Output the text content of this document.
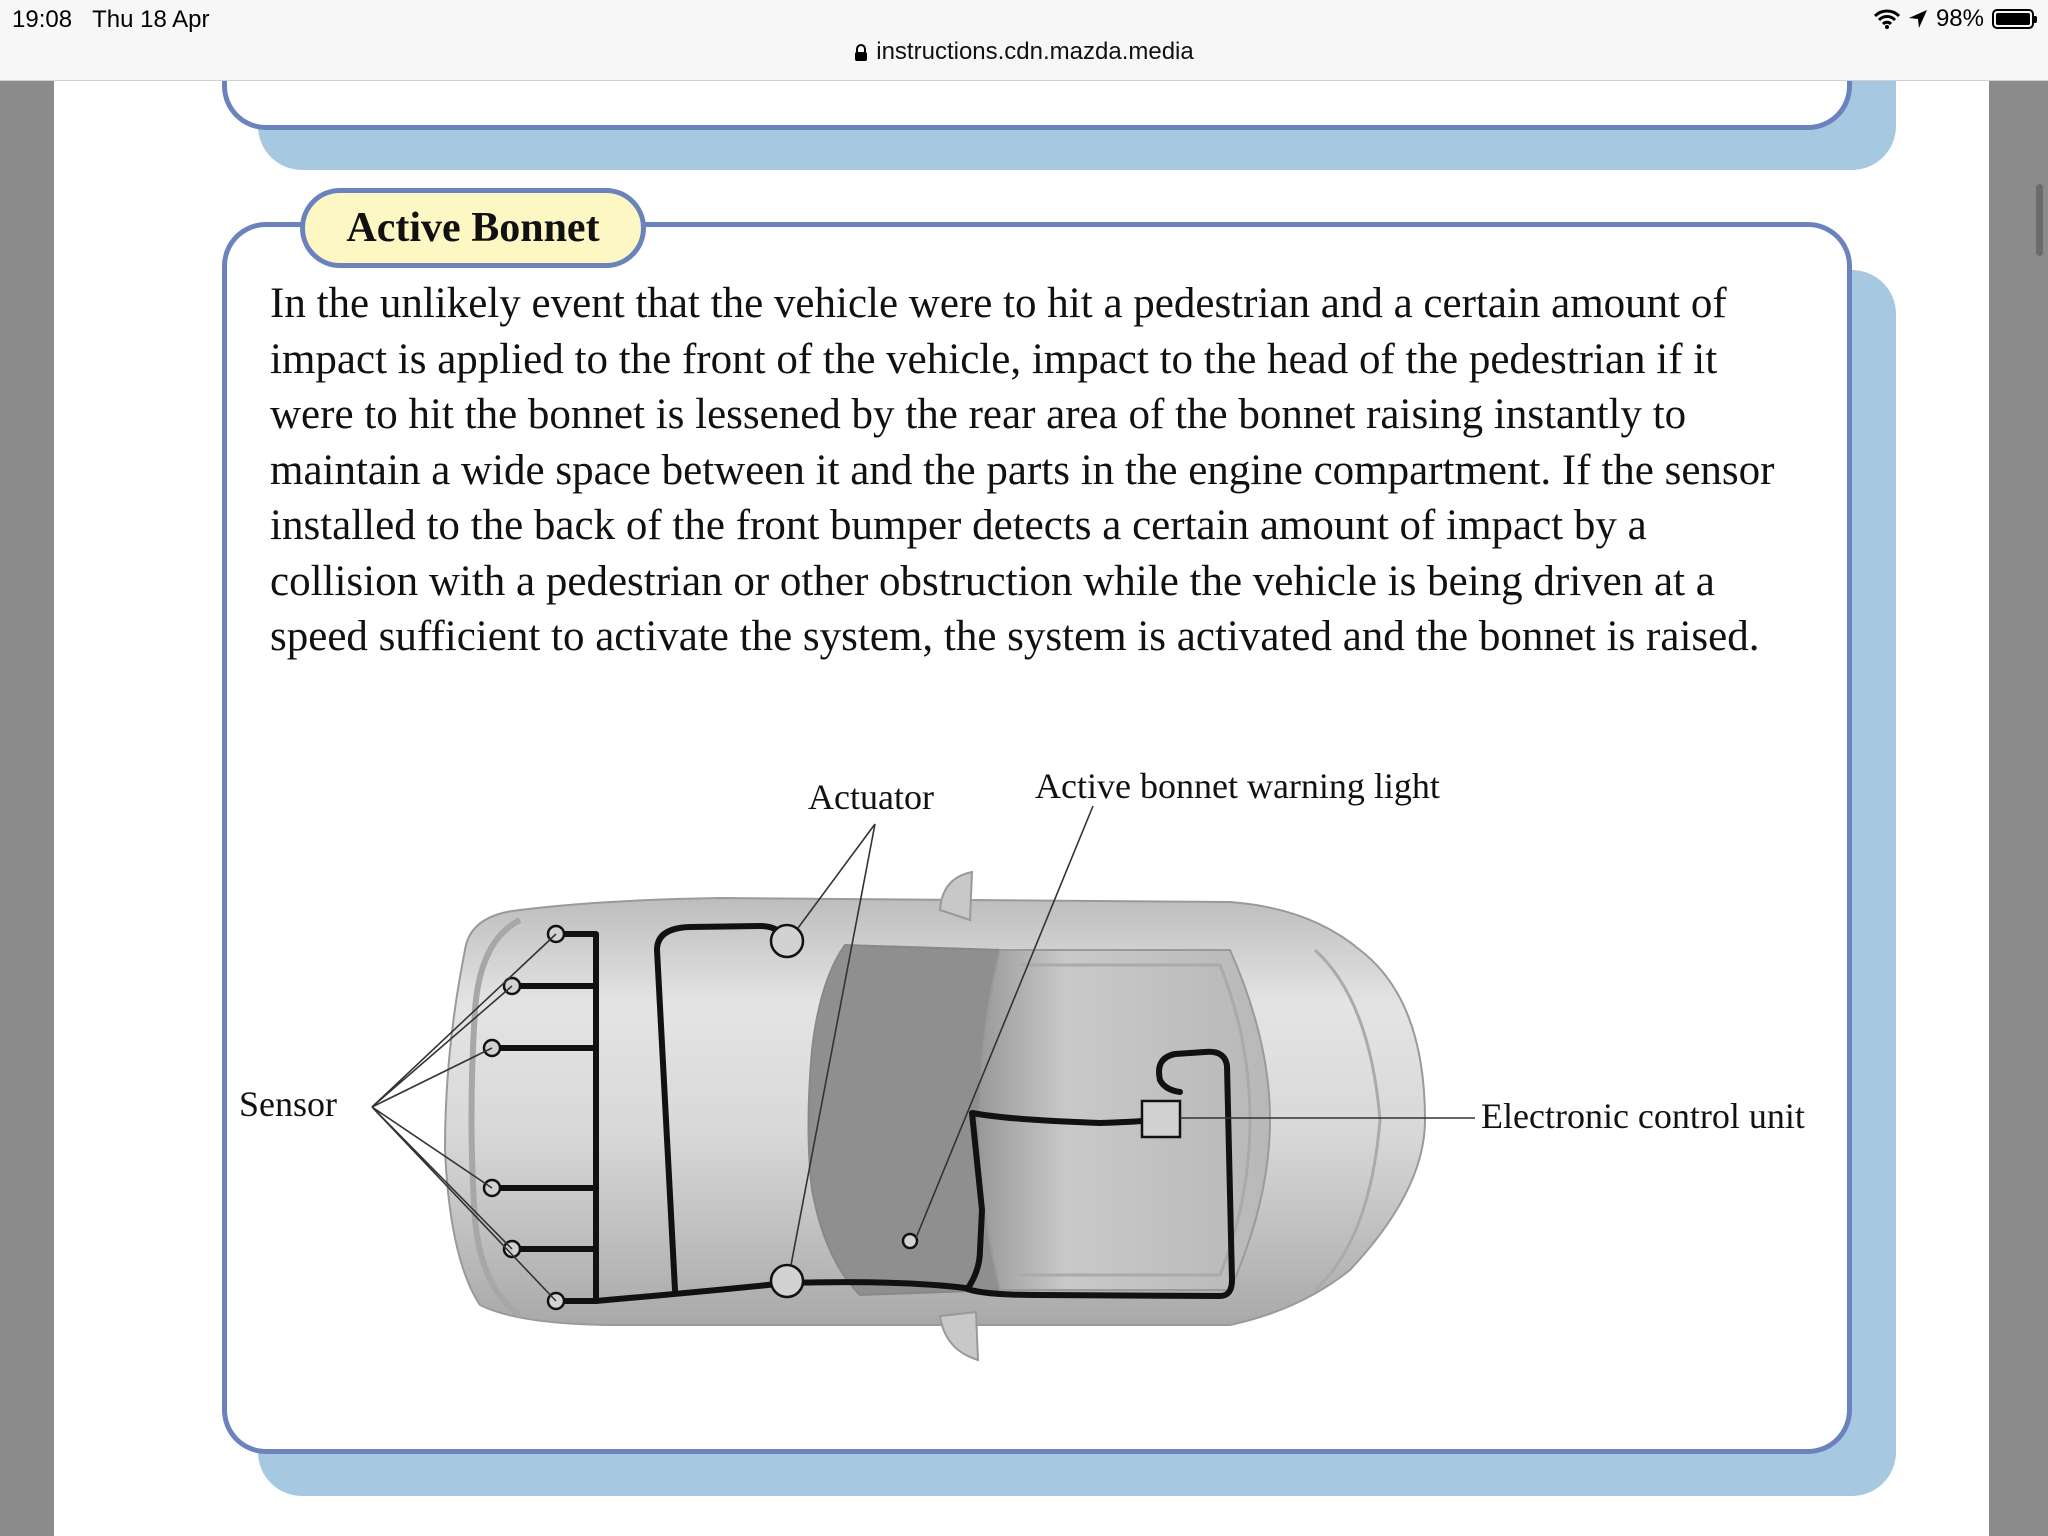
19:08 Thu 18 Apr	98%
instructions.cdn.mazda.media
Active Bonnet

In the unlikely event that the vehicle were to hit a pedestrian and a certain amount of impact is applied to the front of the vehicle, impact to the head of the pedestrian if it were to hit the bonnet is lessened by the rear area of the bonnet raising instantly to maintain a wide space between it and the parts in the engine compartment. If the sensor installed to the back of the front bumper detects a certain amount of impact by a collision with a pedestrian or other obstruction while the vehicle is being driven at a speed sufficient to activate the system, the system is activated and the bonnet is raised.

Actuator	Active bonnet warning light
Sensor	Electronic control unit
